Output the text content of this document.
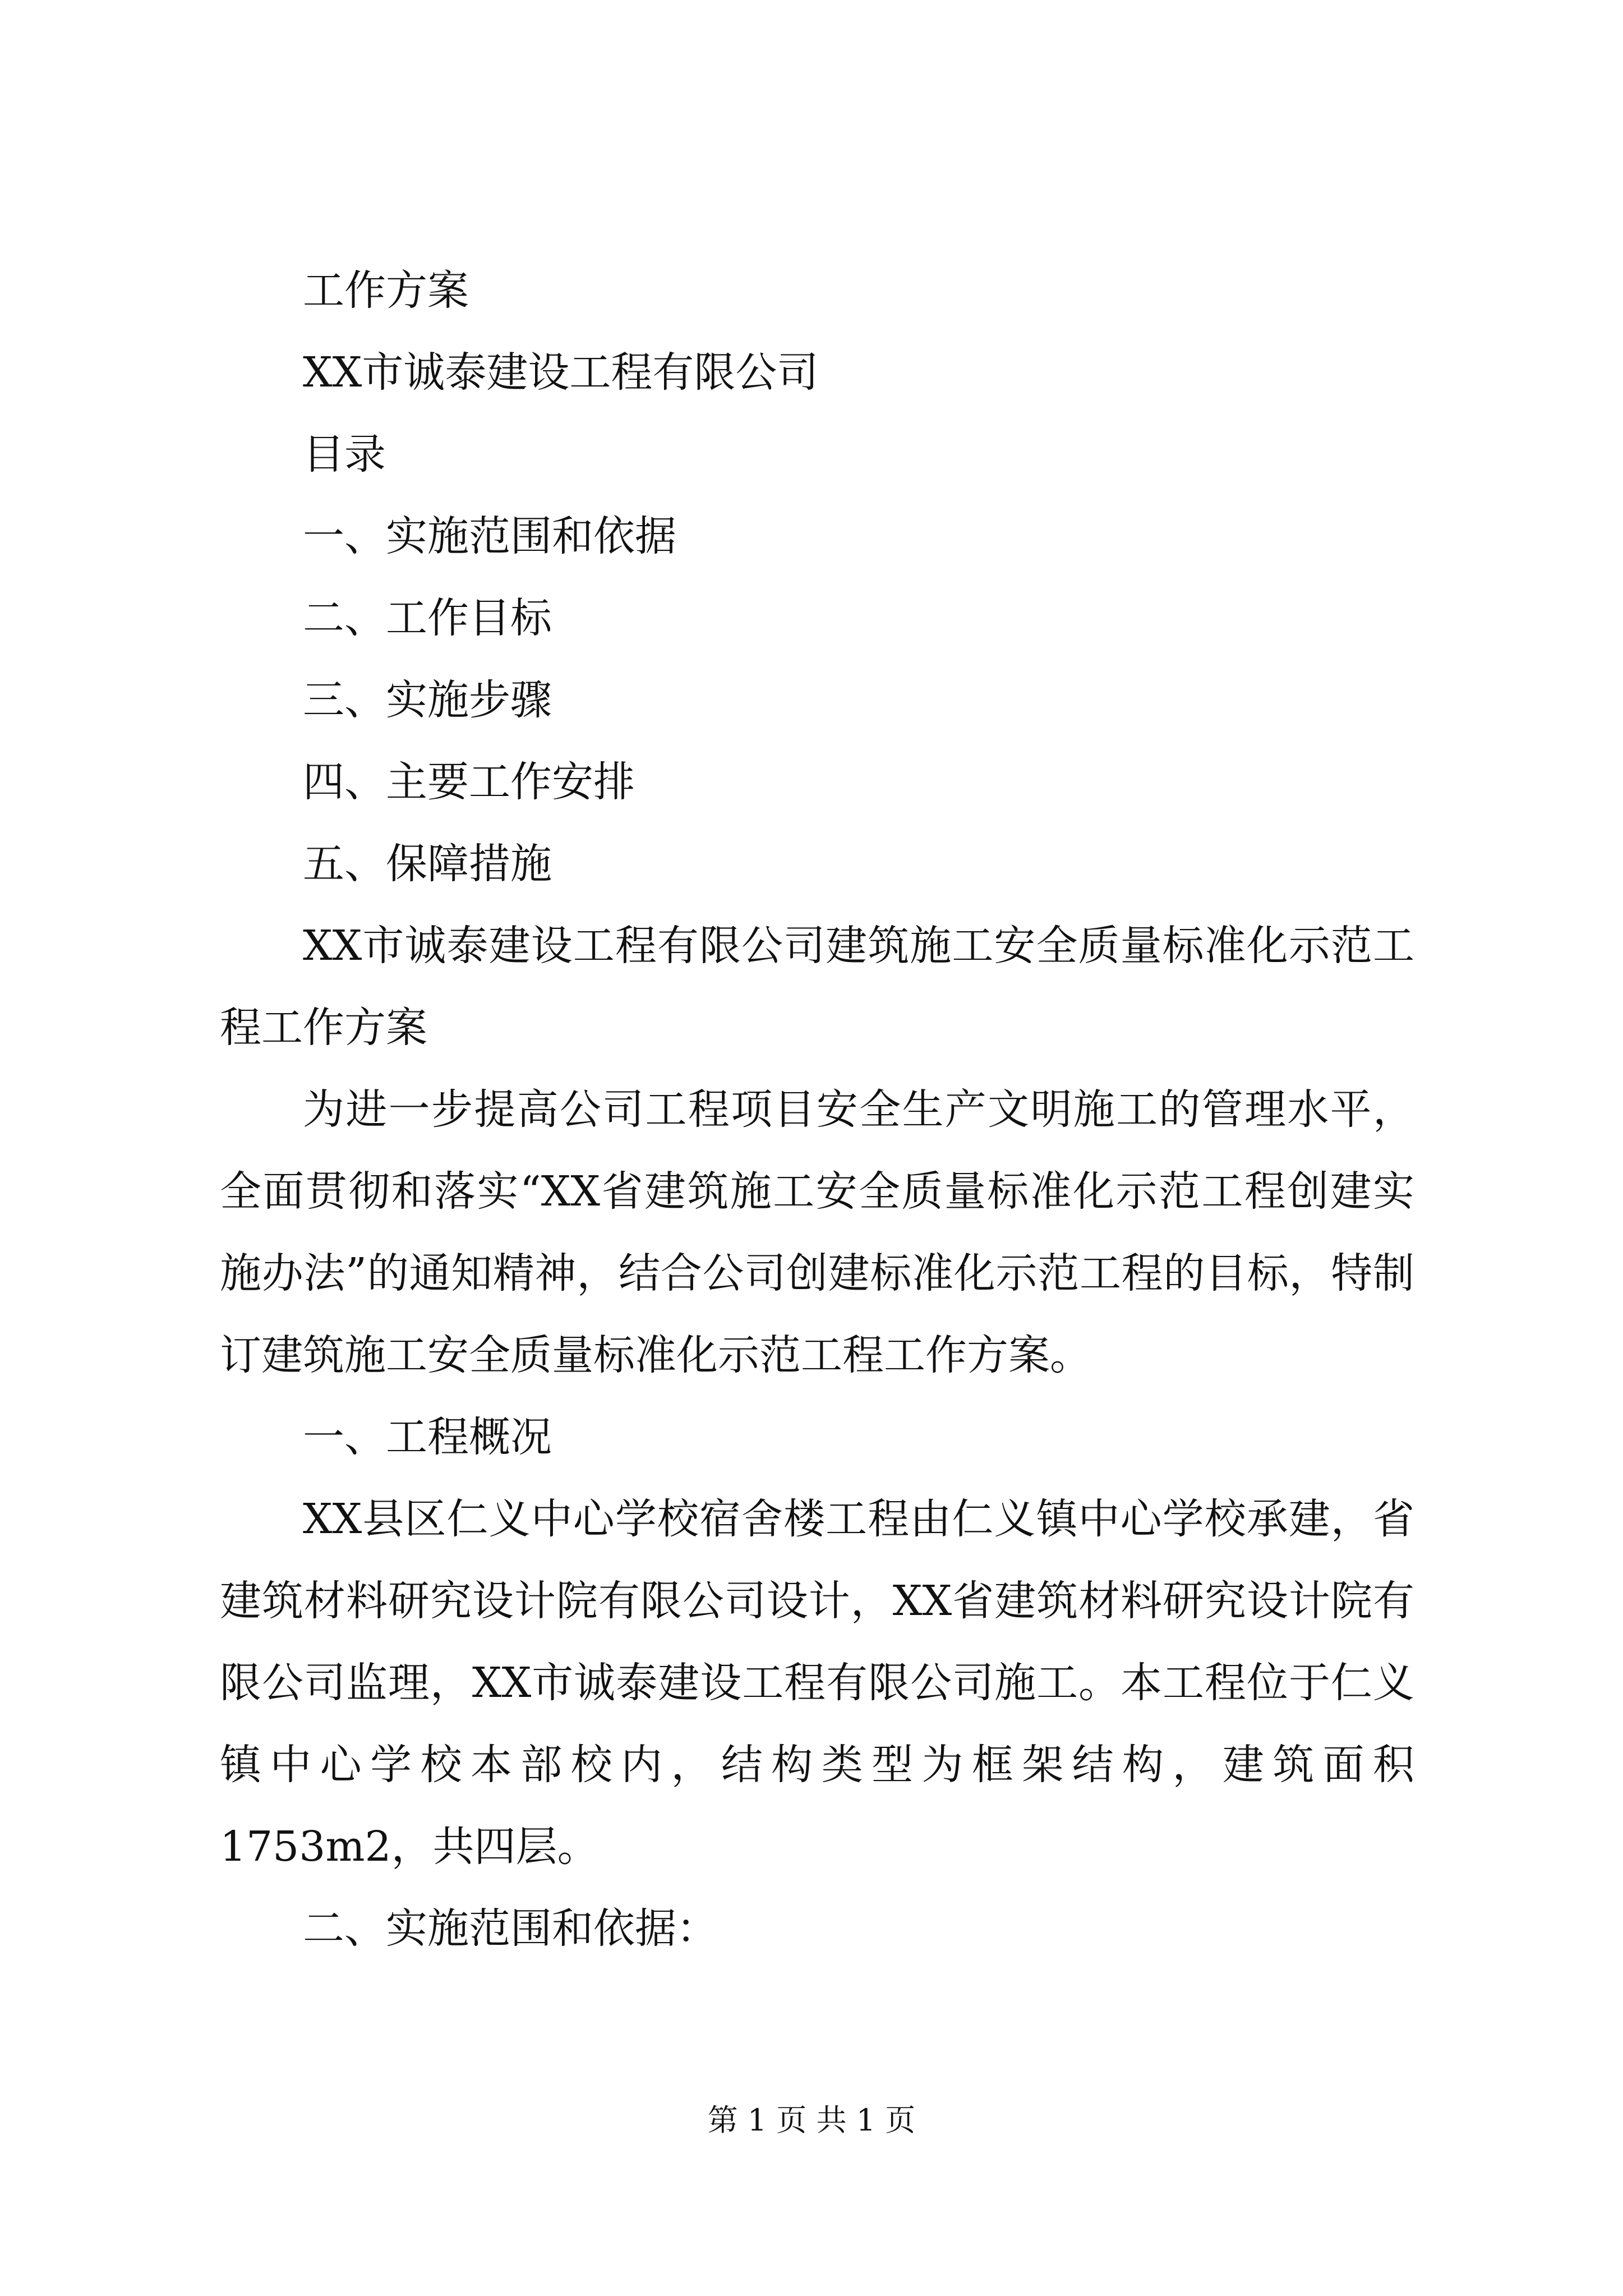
工作方案

XX市诚泰建设工程有限公司

目录

一、实施范围和依据

二、工作目标

三、实施步骤

四、主要工作安排

五、保障措施

XX市诚泰建设工程有限公司建筑施工安全质量标准化示范工程工作方案

为进一步提高公司工程项目安全生产文明施工的管理水平，全面贯彻和落实“XX省建筑施工安全质量标准化示范工程创建实施办法”的通知精神，结合公司创建标准化示范工程的目标，特制订建筑施工安全质量标准化示范工程工作方案。

一、工程概况

XX县区仁义中心学校宿舍楼工程由仁义镇中心学校承建，省建筑材料研究设计院有限公司设计，XX省建筑材料研究设计院有限公司监理，XX市诚泰建设工程有限公司施工。本工程位于仁义镇中心学校本部校内，结构类型为框架结构，建筑面积1753m2，共四层。

二、实施范围和依据：

第 1 页 共 1 页
